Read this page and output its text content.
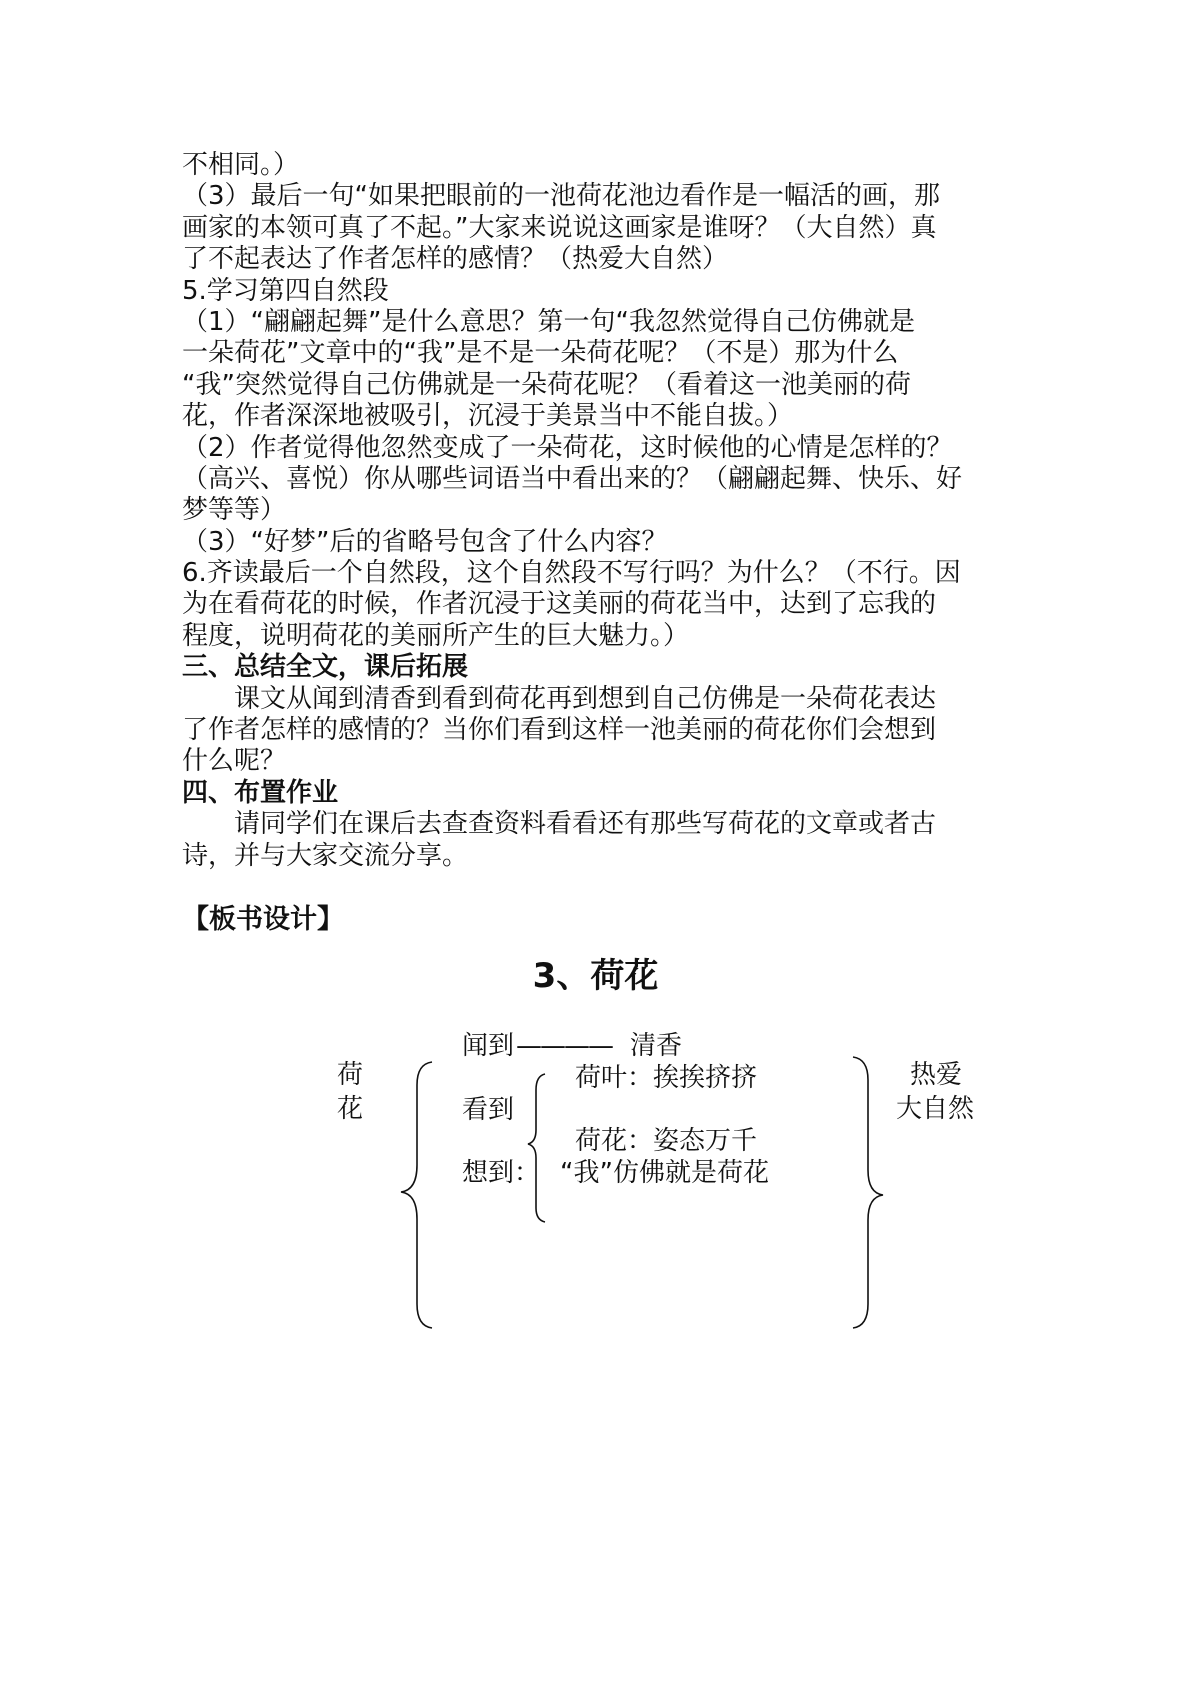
不相同。）
（3）最后一句“如果把眼前的一池荷花池边看作是一幅活的画，那
画家的本领可真了不起。”大家来说说这画家是谁呀？（大自然）真
了不起表达了作者怎样的感情？（热爱大自然）
5.学习第四自然段
（1）“翩翩起舞”是什么意思？第一句“我忽然觉得自己仿佛就是
一朵荷花”文章中的“我”是不是一朵荷花呢？（不是）那为什么
“我”突然觉得自己仿佛就是一朵荷花呢？（看着这一池美丽的荷
花，作者深深地被吸引，沉浸于美景当中不能自拔。）
（2）作者觉得他忽然变成了一朵荷花，这时候他的心情是怎样的？
（高兴、喜悦）你从哪些词语当中看出来的？（翩翩起舞、快乐、好
梦等等）
（3）“好梦”后的省略号包含了什么内容？
6.齐读最后一个自然段，这个自然段不写行吗？为什么？（不行。因
为在看荷花的时候，作者沉浸于这美丽的荷花当中，达到了忘我的
程度，说明荷花的美丽所产生的巨大魅力。）
三、总结全文，课后拓展
课文从闻到清香到看到荷花再到想到自己仿佛是一朵荷花表达
了作者怎样的感情的？当你们看到这样一池美丽的荷花你们会想到
什么呢？
四、布置作业
请同学们在课后去查查资料看看还有那些写荷花的文章或者古
诗，并与大家交流分享。
【板书设计】
3、荷花
荷
花
闻到 ———— 清香
荷叶：挨挨挤挤
看到
荷花：姿态万千
想到： “我”仿佛就是荷花
热爱
大自然
